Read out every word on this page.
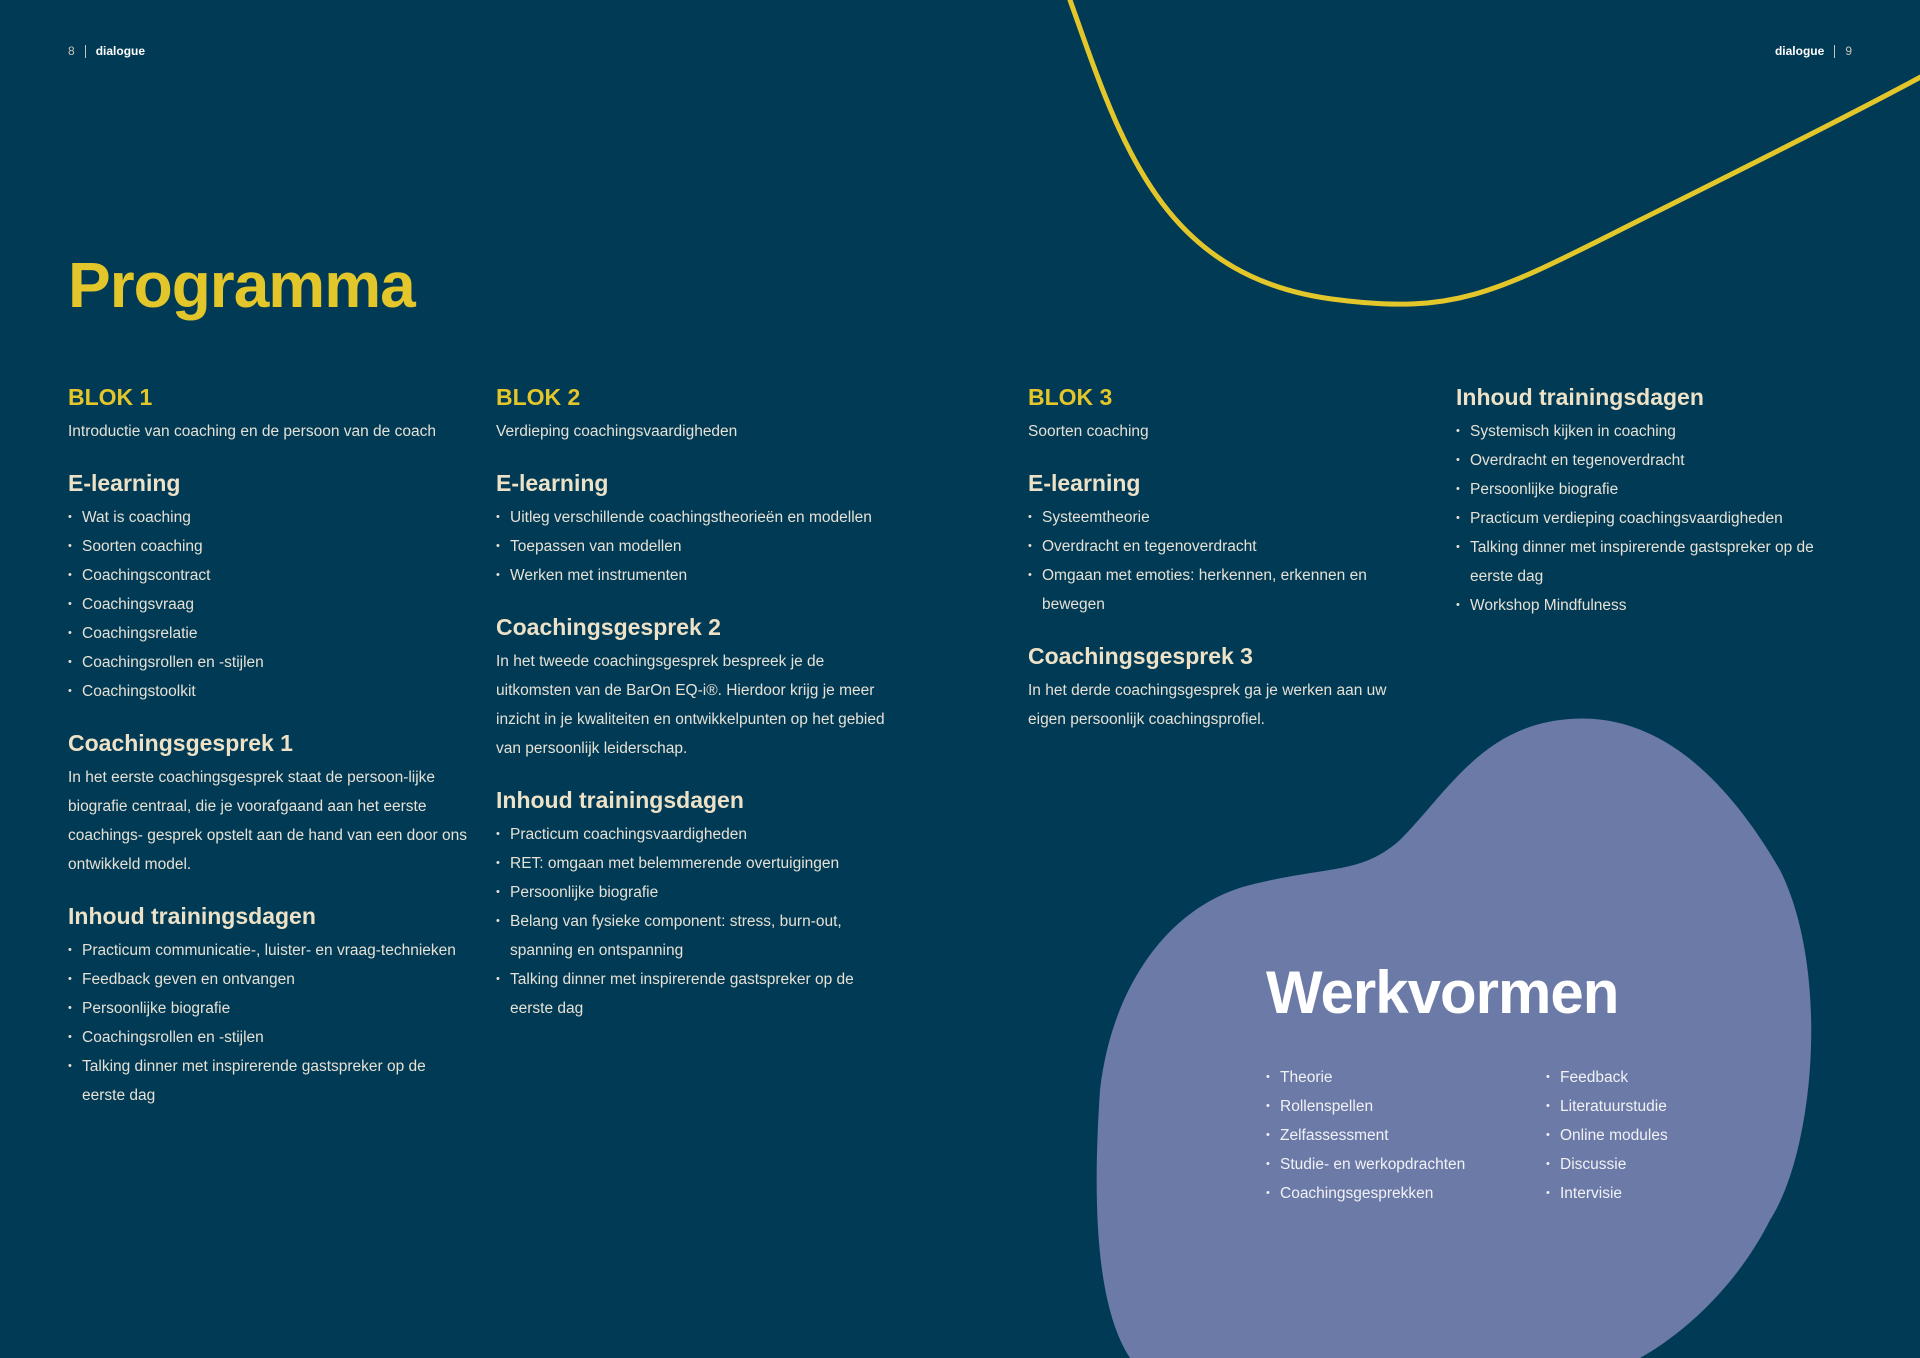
8 dialogue	dialogue 9
Programma
BLOK 1

Introductie van coaching en de persoon van de coach

E-learning
• Wat is coaching
• Soorten coaching
• Coachingscontract
• Coachingsvraag
• Coachingsrelatie
• Coachingsrollen en -stijlen
• Coachingstoolkit
Coachingsgesprek 1

In het eerste coachingsgesprek staat de persoon-lijke biografie centraal, die je voorafgaand aan het eerste coachings- gesprek opstelt aan de hand van een door ons ontwikkeld model.

Inhoud trainingsdagen
• Practicum communicatie-, luister- en vraag-technieken
• Feedback geven en ontvangen
• Persoonlijke biografie
• Coachingsrollen en -stijlen
• Talking dinner met inspirerende gastspreker op de eerste dag
BLOK 2

Verdieping coachingsvaardigheden

E-learning
• Uitleg verschillende coachingstheorieën en modellen
• Toepassen van modellen
• Werken met instrumenten
Coachingsgesprek 2

In het tweede coachingsgesprek bespreek je de uitkomsten van de BarOn EQ-i®. Hierdoor krijg je meer inzicht in je kwaliteiten en ontwikkelpunten op het gebied van persoonlijk leiderschap.

Inhoud trainingsdagen
• Practicum coachingsvaardigheden
• RET: omgaan met belemmerende overtuigingen
• Persoonlijke biografie
• Belang van fysieke component: stress, burn-out, spanning en ontspanning
• Talking dinner met inspirerende gastspreker op de eerste dag
BLOK 3

Soorten coaching

E-learning
• Systeemtheorie
• Overdracht en tegenoverdracht
• Omgaan met emoties: herkennen, erkennen en bewegen
Coachingsgesprek 3

In het derde coachingsgesprek ga je werken aan uw eigen persoonlijk coachingsprofiel.

Inhoud trainingsdagen
• Systemisch kijken in coaching
• Overdracht en tegenoverdracht
• Persoonlijke biografie
• Practicum verdieping coachingsvaardigheden
• Talking dinner met inspirerende gastspreker op de eerste dag
• Workshop Mindfulness
Werkvormen
• Theorie
• Rollenspellen
• Zelfassessment
• Studie- en werkopdrachten
• Coachingsgesprekken
• Feedback
• Literatuurstudie
• Online modules
• Discussie
• Intervisie
